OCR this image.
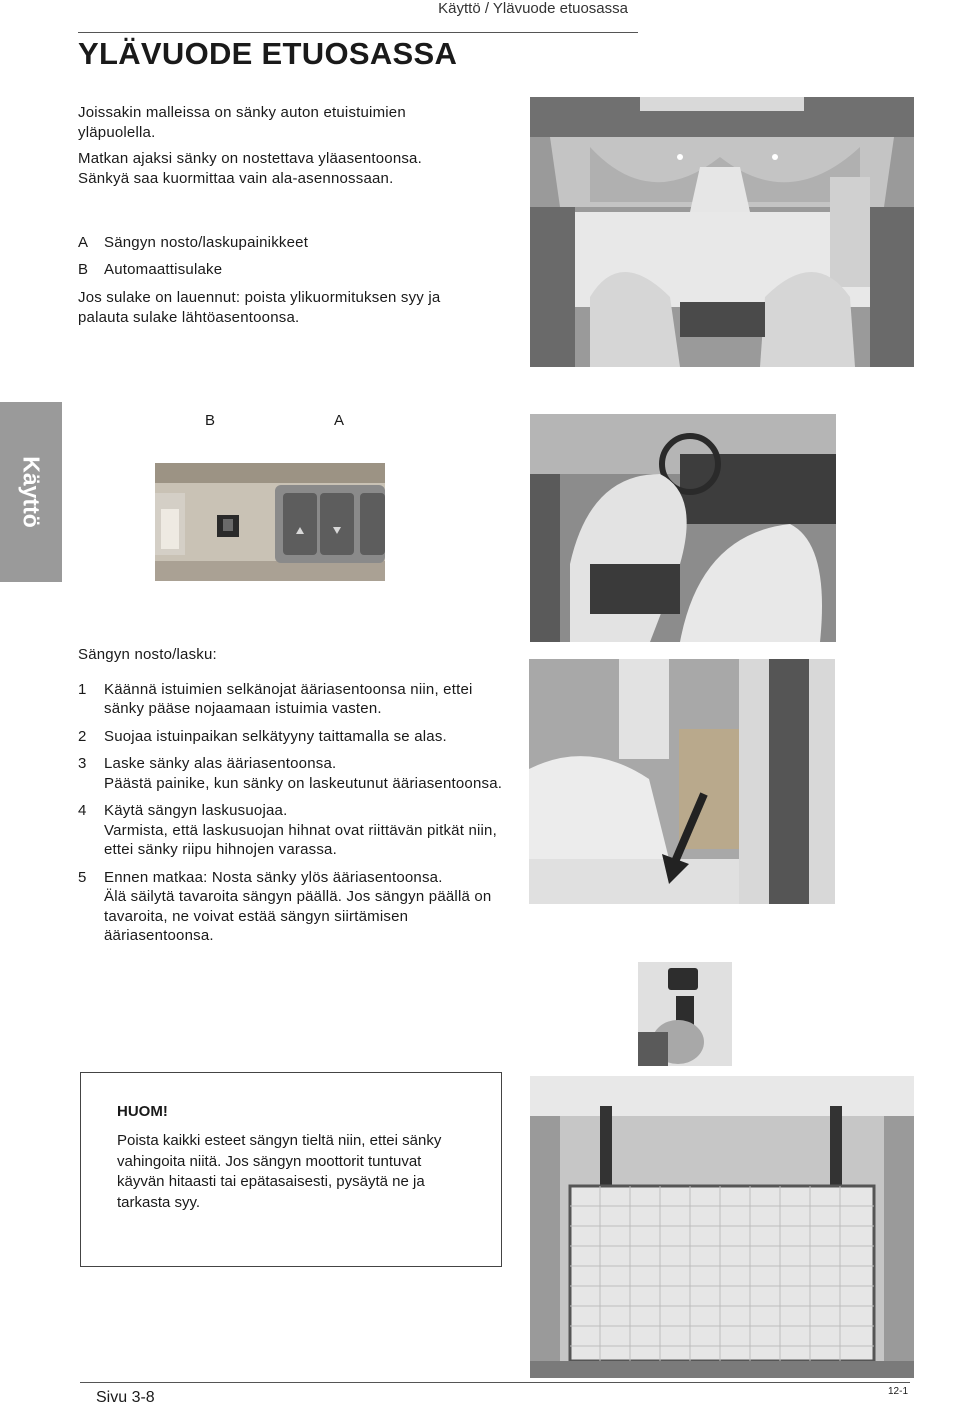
Käyttö / Ylävuode etuosassa
YLÄVUODE ETUOSASSA

Joissakin malleissa on sänky auton etuistuimien yläpuolella.

Matkan ajaksi sänky on nostettava yläasentoonsa.

Sänkyä saa kuormittaa vain ala-asennossaan.

A	Sängyn nosto/laskupainikkeet
B	Automaattisulake

Jos sulake on lauennut: poista ylikuormituksen syy ja palauta sulake lähtöasentoonsa.

Käyttö
B	A
Sängyn nosto/lasku:
1	Käännä istuimien selkänojat ääriasentoonsa niin, ettei sänky pääse nojaamaan istuimia vasten.
2	Suojaa istuinpaikan selkätyyny taittamalla se alas.
3	Laske sänky alas ääriasentoonsa.
Päästä painike, kun sänky on laskeutunut ääriasentoonsa.
4	Käytä sängyn laskusuojaa.
Varmista, että laskusuojan hihnat ovat riittävän pitkät niin, ettei sänky riipu hihnojen varassa.
5	Ennen matkaa: Nosta sänky ylös ääriasentoonsa.
Älä säilytä tavaroita sängyn päällä. Jos sängyn päällä on tavaroita, ne voivat estää sängyn siirtämisen ääriasentoonsa.
HUOM!
Poista kaikki esteet sängyn tieltä niin, ettei sänky vahingoita niitä. Jos sängyn moottorit tuntuvat käyvän hitaasti tai epätasaisesti, pysäytä ne ja tarkasta syy.
Sivu 3-8	12-1
